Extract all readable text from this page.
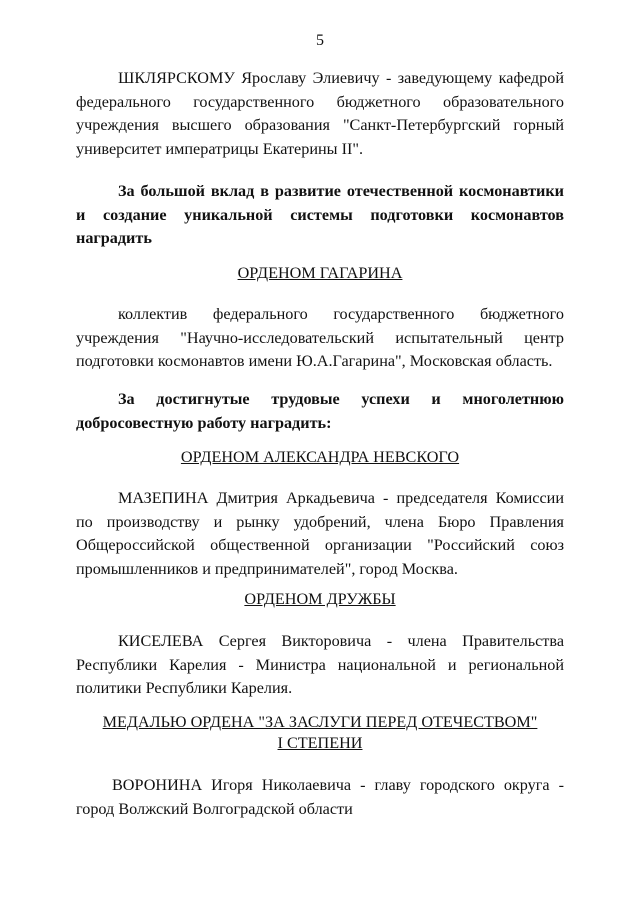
5
ШКЛЯРСКОМУ Ярославу Элиевичу - заведующему кафедрой федерального государственного бюджетного образовательного учреждения высшего образования "Санкт-Петербургский горный университет императрицы Екатерины II".
За большой вклад в развитие отечественной космонавтики и создание уникальной системы подготовки космонавтов наградить
ОРДЕНОМ ГАГАРИНА
коллектив федерального государственного бюджетного учреждения "Научно-исследовательский испытательный центр подготовки космонавтов имени Ю.А.Гагарина", Московская область.
За достигнутые трудовые успехи и многолетнюю добросовестную работу наградить:
ОРДЕНОМ АЛЕКСАНДРА НЕВСКОГО
МАЗЕПИНА Дмитрия Аркадьевича - председателя Комиссии по производству и рынку удобрений, члена Бюро Правления Общероссийской общественной организации "Российский союз промышленников и предпринимателей", город Москва.
ОРДЕНОМ ДРУЖБЫ
КИСЕЛЕВА Сергея Викторовича - члена Правительства Республики Карелия - Министра национальной и региональной политики Республики Карелия.
МЕДАЛЬЮ ОРДЕНА "ЗА ЗАСЛУГИ ПЕРЕД ОТЕЧЕСТВОМ"
I СТЕПЕНИ
ВОРОНИНА Игоря Николаевича - главу городского округа - город Волжский Волгоградской области
